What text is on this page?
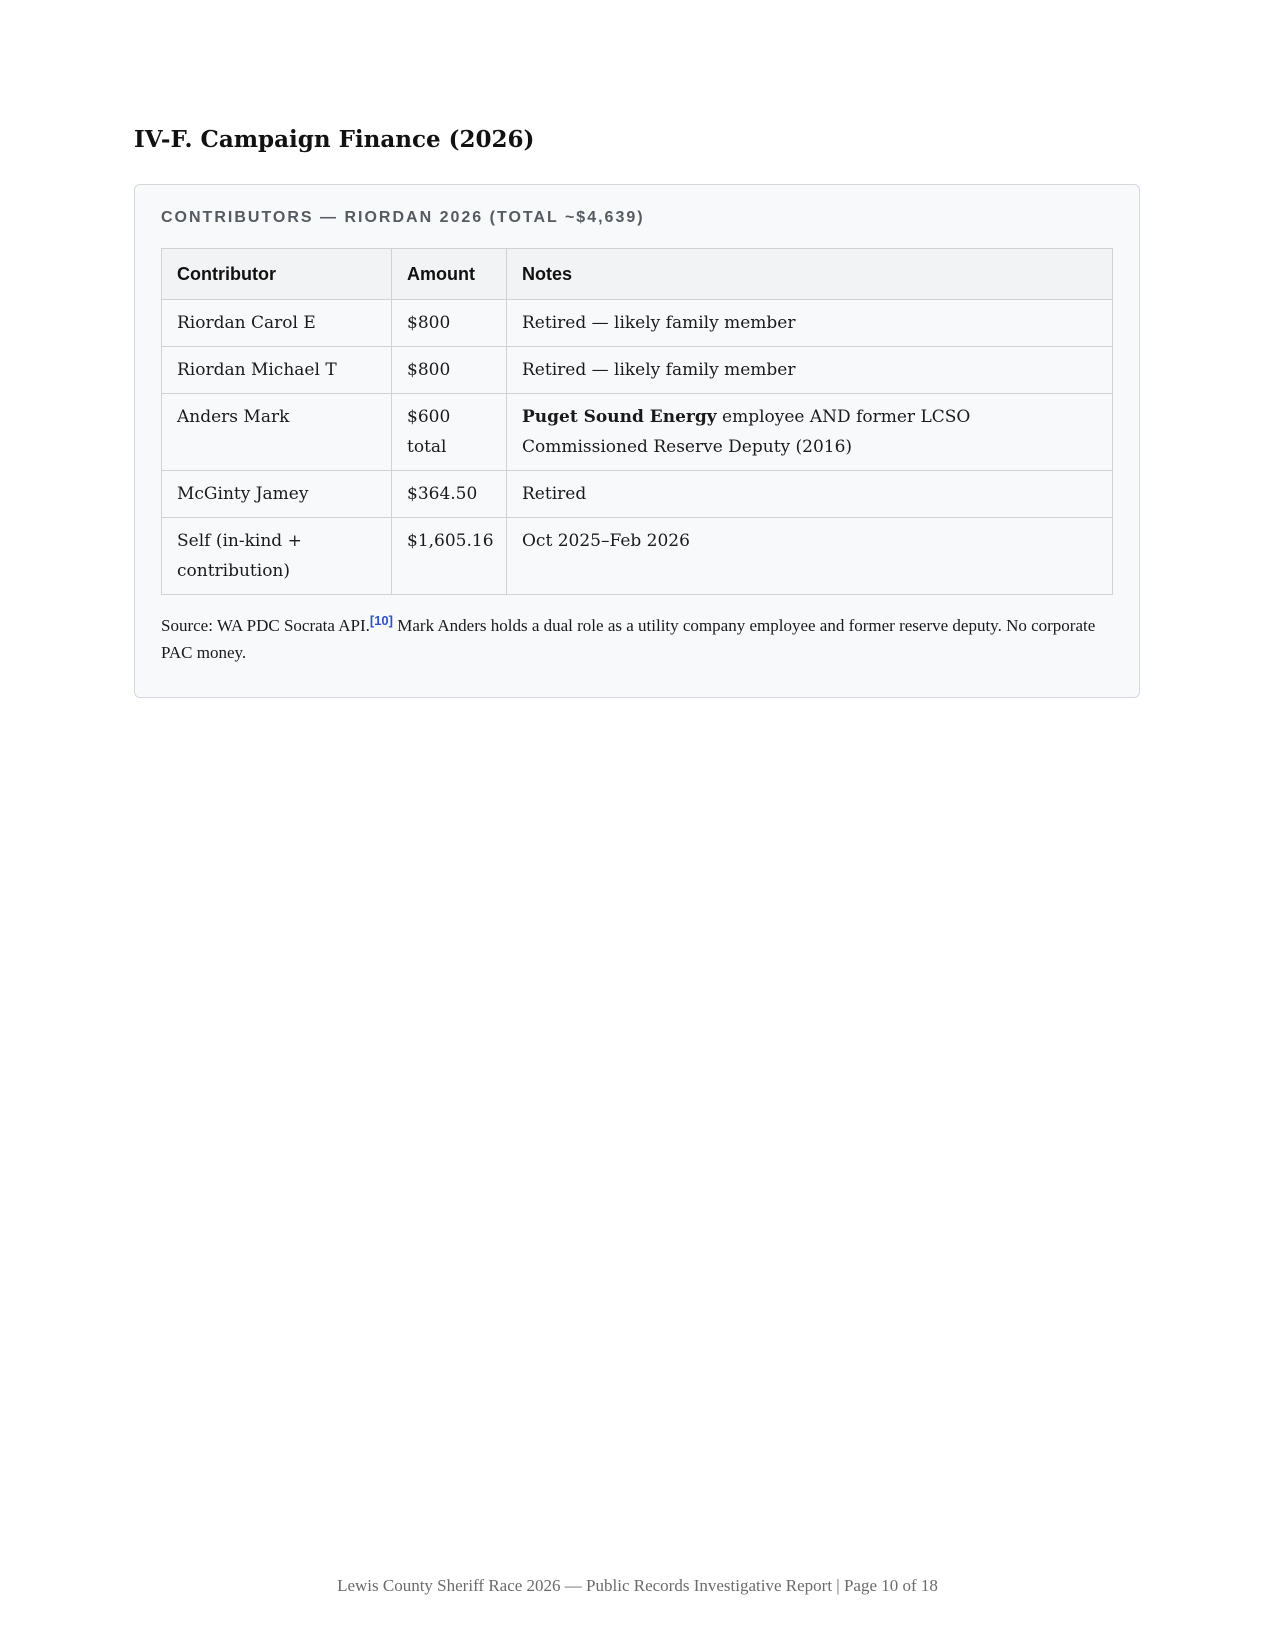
IV-F. Campaign Finance (2026)
CONTRIBUTORS — RIORDAN 2026 (TOTAL ~$4,639)
Contributor	Amount	Notes
Riordan Carol E	$800	Retired — likely family member
Riordan Michael T	$800	Retired — likely family member
Anders Mark	$600 total	Puget Sound Energy employee AND former LCSO Commissioned Reserve Deputy (2016)
McGinty Jamey	$364.50	Retired
Self (in-kind + contribution)	$1,605.16	Oct 2025–Feb 2026

Source: WA PDC Socrata API.[10] Mark Anders holds a dual role as a utility company employee and former reserve deputy. No corporate PAC money.

Lewis County Sheriff Race 2026 — Public Records Investigative Report | Page 10 of 18
